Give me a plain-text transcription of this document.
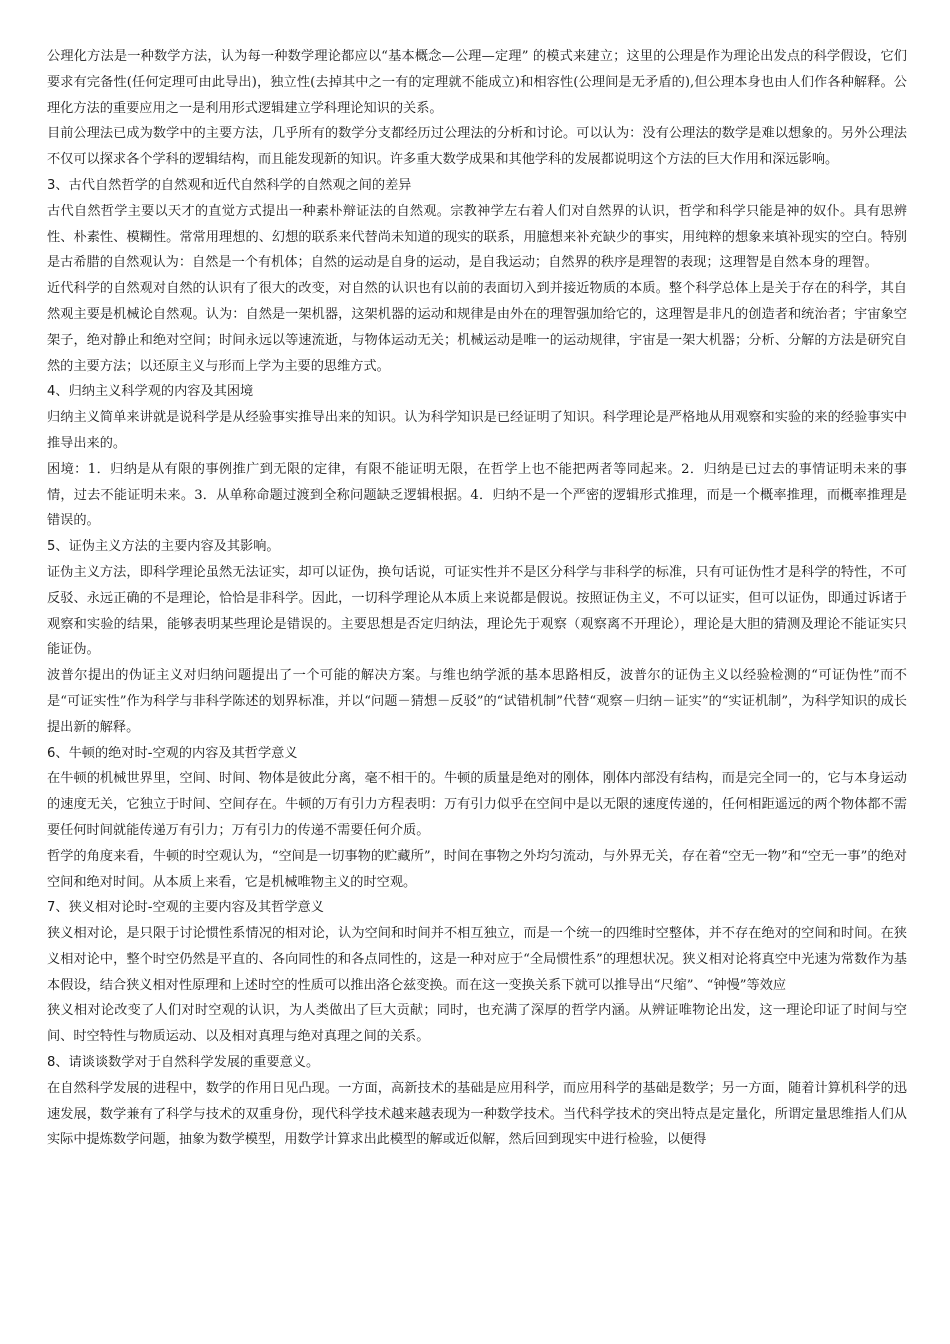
公理化方法是一种数学方法，认为每一种数学理论都应以“基本概念—公理—定理” 的模式来建立；这里的公理是作为理论出发点的科学假设，它们要求有完备性(任何定理可由此导出)，独立性(去掉其中之一有的定理就不能成立)和相容性(公理间是无矛盾的),但公理本身也由人们作各种解释。公理化方法的重要应用之一是利用形式逻辑建立学科理论知识的关系。

目前公理法已成为数学中的主要方法，几乎所有的数学分支都经历过公理法的分析和讨论。可以认为：没有公理法的数学是难以想象的。另外公理法不仅可以探求各个学科的逻辑结构，而且能发现新的知识。许多重大数学成果和其他学科的发展都说明这个方法的巨大作用和深远影响。

3、古代自然哲学的自然观和近代自然科学的自然观之间的差异

古代自然哲学主要以天才的直觉方式提出一种素朴辩证法的自然观。宗教神学左右着人们对自然界的认识，哲学和科学只能是神的奴仆。具有思辨性、朴素性、模糊性。常常用理想的、幻想的联系来代替尚未知道的现实的联系，用臆想来补充缺少的事实，用纯粹的想象来填补现实的空白。特别是古希腊的自然观认为：自然是一个有机体；自然的运动是自身的运动，是自我运动；自然界的秩序是理智的表现；这理智是自然本身的理智。

近代科学的自然观对自然的认识有了很大的改变，对自然的认识也有以前的表面切入到并接近物质的本质。整个科学总体上是关于存在的科学，其自然观主要是机械论自然观。认为：自然是一架机器，这架机器的运动和规律是由外在的理智强加给它的，这理智是非凡的创造者和统治者；宇宙象空架子，绝对静止和绝对空间；时间永远以等速流逝，与物体运动无关；机械运动是唯一的运动规律，宇宙是一架大机器；分析、分解的方法是研究自然的主要方法；以还原主义与形而上学为主要的思维方式。

4、归纳主义科学观的内容及其困境

归纳主义简单来讲就是说科学是从经验事实推导出来的知识。认为科学知识是已经证明了知识。科学理论是严格地从用观察和实验的来的经验事实中推导出来的。

困境：1．归纳是从有限的事例推广到无限的定律，有限不能证明无限，在哲学上也不能把两者等同起来。2．归纳是已过去的事情证明未来的事情，过去不能证明未来。3．从单称命题过渡到全称问题缺乏逻辑根据。4．归纳不是一个严密的逻辑形式推理，而是一个概率推理，而概率推理是错误的。

5、证伪主义方法的主要内容及其影响。

证伪主义方法，即科学理论虽然无法证实，却可以证伪，换句话说，可证实性并不是区分科学与非科学的标准，只有可证伪性才是科学的特性，不可反驳、永远正确的不是理论，恰恰是非科学。因此，一切科学理论从本质上来说都是假说。按照证伪主义，不可以证实，但可以证伪，即通过诉诸于观察和实验的结果，能够表明某些理论是错误的。主要思想是否定归纳法，理论先于观察（观察离不开理论），理论是大胆的猜测及理论不能证实只能证伪。

波普尔提出的伪证主义对归纳问题提出了一个可能的解决方案。与维也纳学派的基本思路相反，波普尔的证伪主义以经验检测的“可证伪性”而不是“可证实性”作为科学与非科学陈述的划界标准，并以“问题－猜想－反驳”的“试错机制”代替“观察－归纳－证实”的“实证机制”，为科学知识的成长提出新的解释。

6、牛顿的绝对时-空观的内容及其哲学意义

在牛顿的机械世界里，空间、时间、物体是彼此分离，毫不相干的。牛顿的质量是绝对的刚体，刚体内部没有结构，而是完全同一的，它与本身运动的速度无关，它独立于时间、空间存在。牛顿的万有引力方程表明：万有引力似乎在空间中是以无限的速度传递的，任何相距遥远的两个物体都不需要任何时间就能传递万有引力；万有引力的传递不需要任何介质。

哲学的角度来看，牛顿的时空观认为，“空间是一切事物的贮藏所”，时间在事物之外均匀流动，与外界无关，存在着“空无一物”和“空无一事”的绝对空间和绝对时间。从本质上来看，它是机械唯物主义的时空观。

7、狭义相对论时-空观的主要内容及其哲学意义

狭义相对论，是只限于讨论惯性系情况的相对论，认为空间和时间并不相互独立，而是一个统一的四维时空整体，并不存在绝对的空间和时间。在狭义相对论中，整个时空仍然是平直的、各向同性的和各点同性的，这是一种对应于“全局惯性系”的理想状况。狭义相对论将真空中光速为常数作为基本假设，结合狭义相对性原理和上述时空的性质可以推出洛仑兹变换。而在这一变换关系下就可以推导出“尺缩”、“钟慢”等效应

狭义相对论改变了人们对时空观的认识，为人类做出了巨大贡献；同时，也充满了深厚的哲学内涵。从辨证唯物论出发，这一理论印证了时间与空间、时空特性与物质运动、以及相对真理与绝对真理之间的关系。

8、请谈谈数学对于自然科学发展的重要意义。

在自然科学发展的进程中，数学的作用日见凸现。一方面，高新技术的基础是应用科学，而应用科学的基础是数学；另一方面，随着计算机科学的迅速发展，数学兼有了科学与技术的双重身份，现代科学技术越来越表现为一种数学技术。当代科学技术的突出特点是定量化，所谓定量思维指人们从实际中提炼数学问题，抽象为数学模型，用数学计算求出此模型的解或近似解，然后回到现实中进行检验，以便得
